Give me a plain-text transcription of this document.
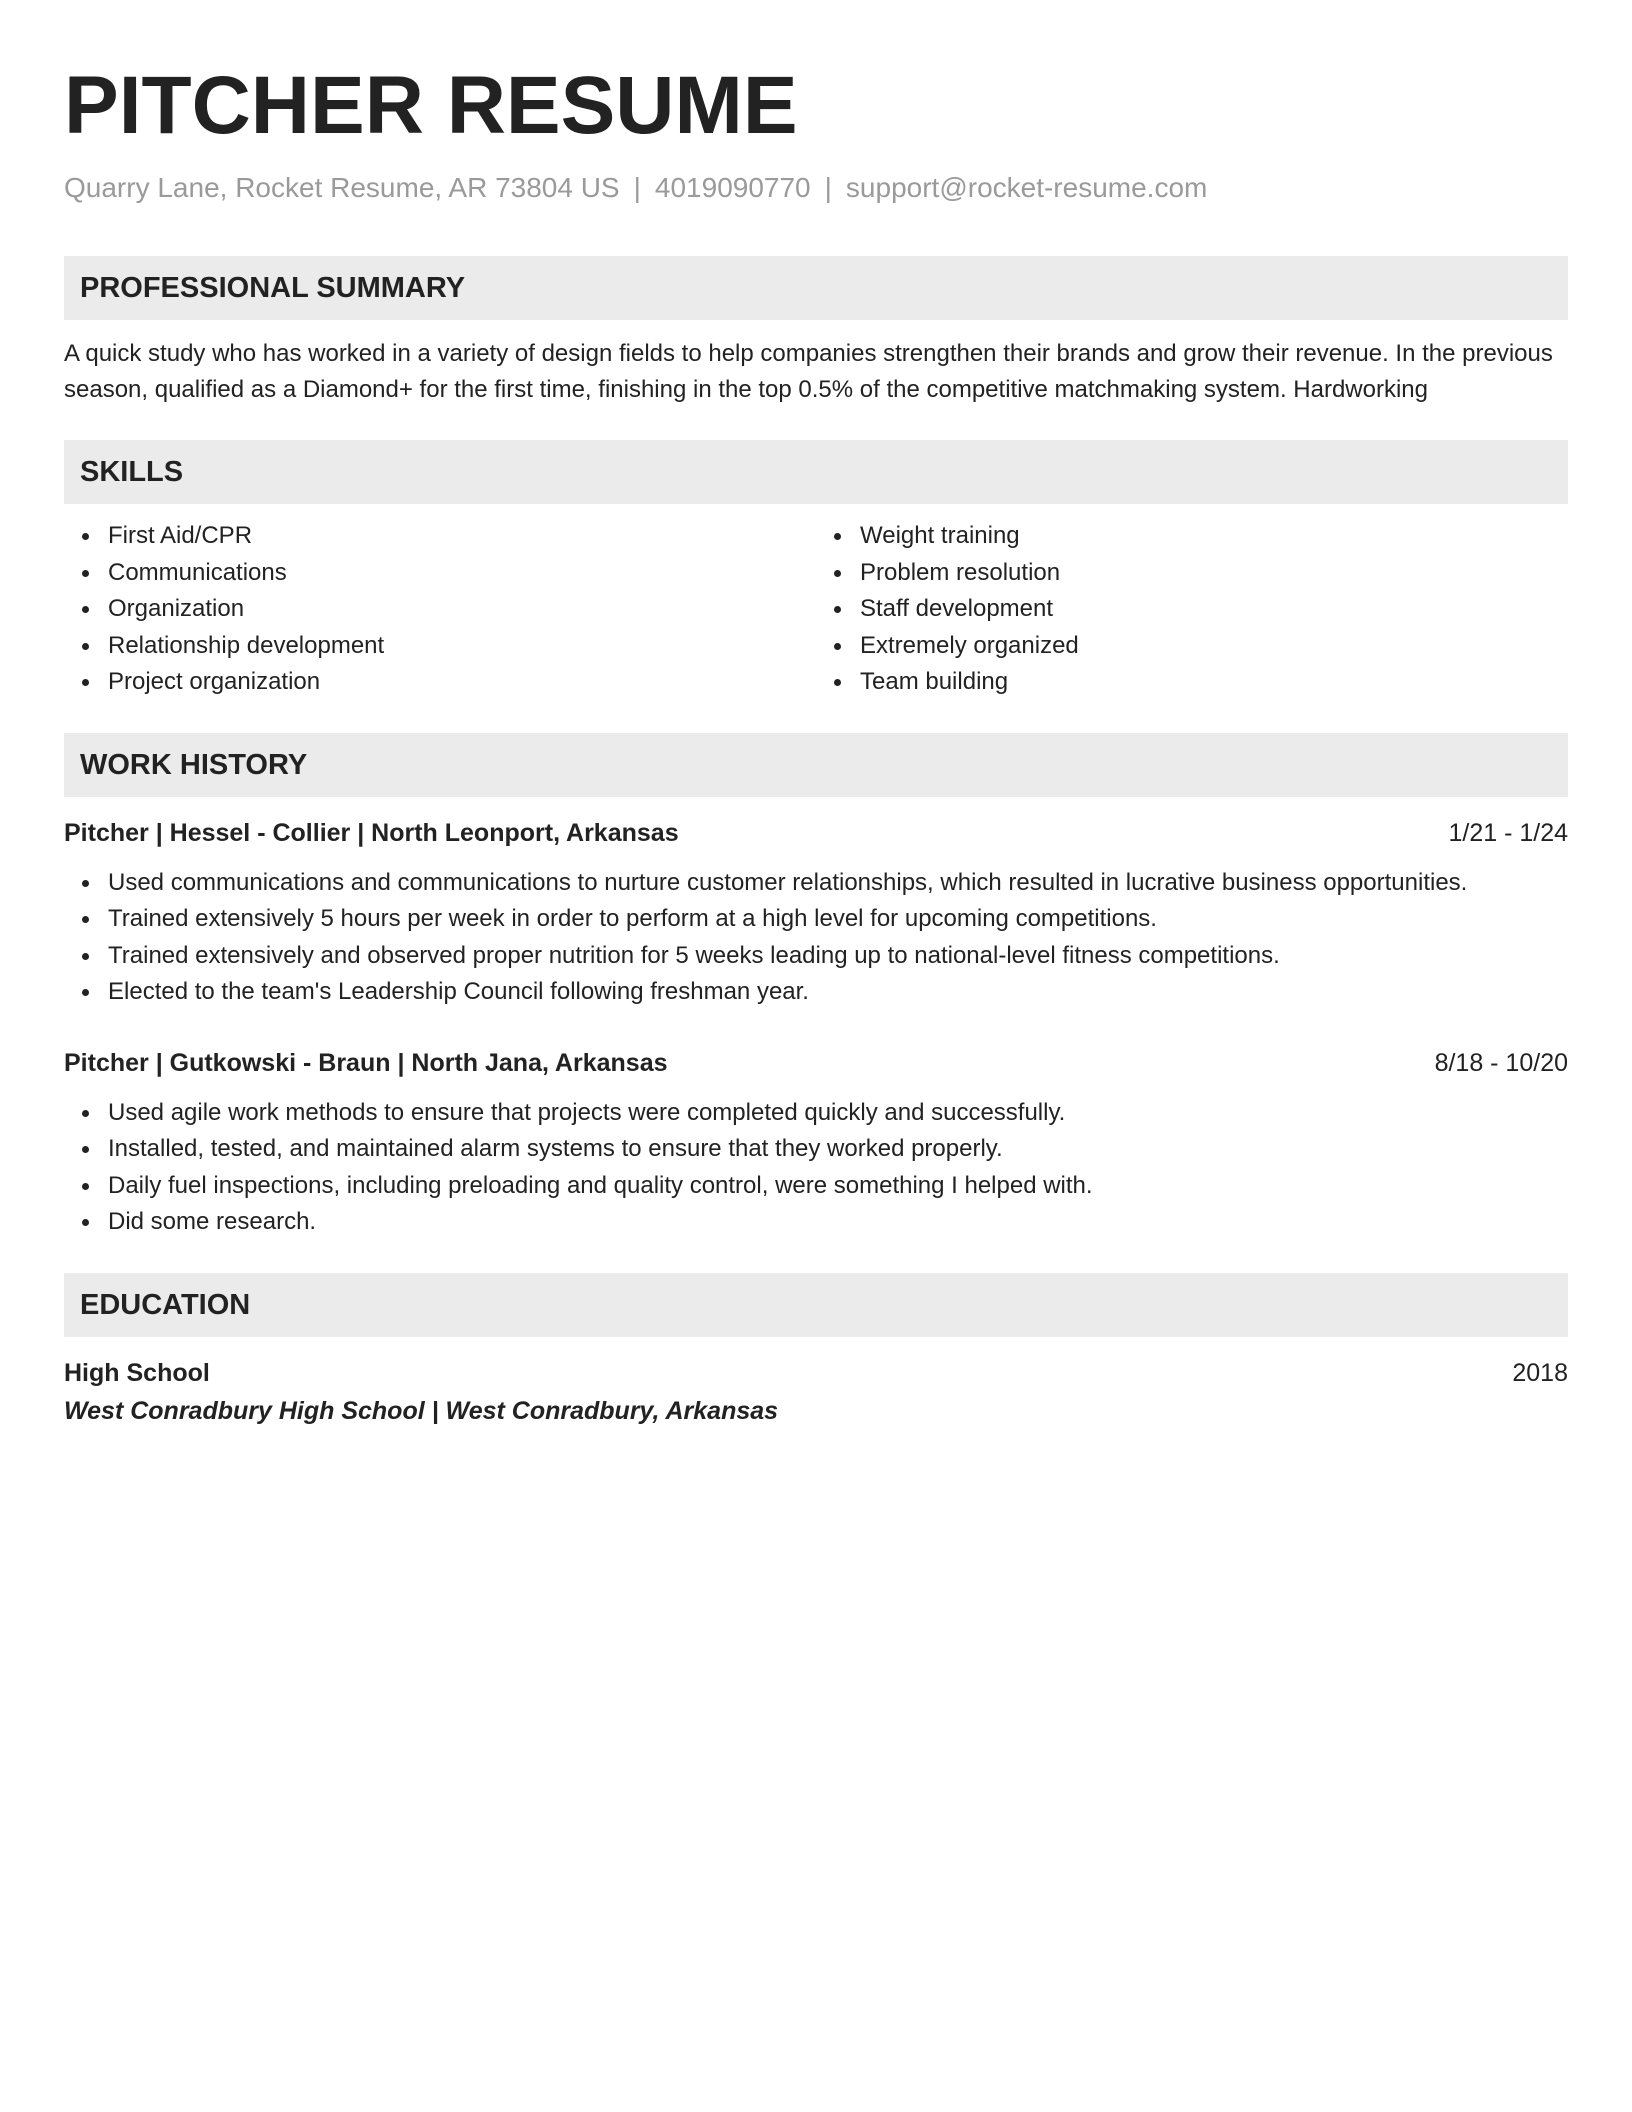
PITCHER RESUME
Quarry Lane, Rocket Resume, AR 73804 US | 4019090770 | support@rocket-resume.com
PROFESSIONAL SUMMARY

A quick study who has worked in a variety of design fields to help companies strengthen their brands and grow their revenue. In the previous season, qualified as a Diamond+ for the first time, finishing in the top 0.5% of the competitive matchmaking system. Hardworking

SKILLS
First Aid/CPR
Communications
Organization
Relationship development
Project organization
Weight training
Problem resolution
Staff development
Extremely organized
Team building
WORK HISTORY
Pitcher | Hessel - Collier | North Leonport, Arkansas	1/21 - 1/24
Used communications and communications to nurture customer relationships, which resulted in lucrative business opportunities.
Trained extensively 5 hours per week in order to perform at a high level for upcoming competitions.
Trained extensively and observed proper nutrition for 5 weeks leading up to national-level fitness competitions.
Elected to the team's Leadership Council following freshman year.
Pitcher | Gutkowski - Braun | North Jana, Arkansas	8/18 - 10/20
Used agile work methods to ensure that projects were completed quickly and successfully.
Installed, tested, and maintained alarm systems to ensure that they worked properly.
Daily fuel inspections, including preloading and quality control, were something I helped with.
Did some research.
EDUCATION
High School	2018
West Conradbury High School | West Conradbury, Arkansas
